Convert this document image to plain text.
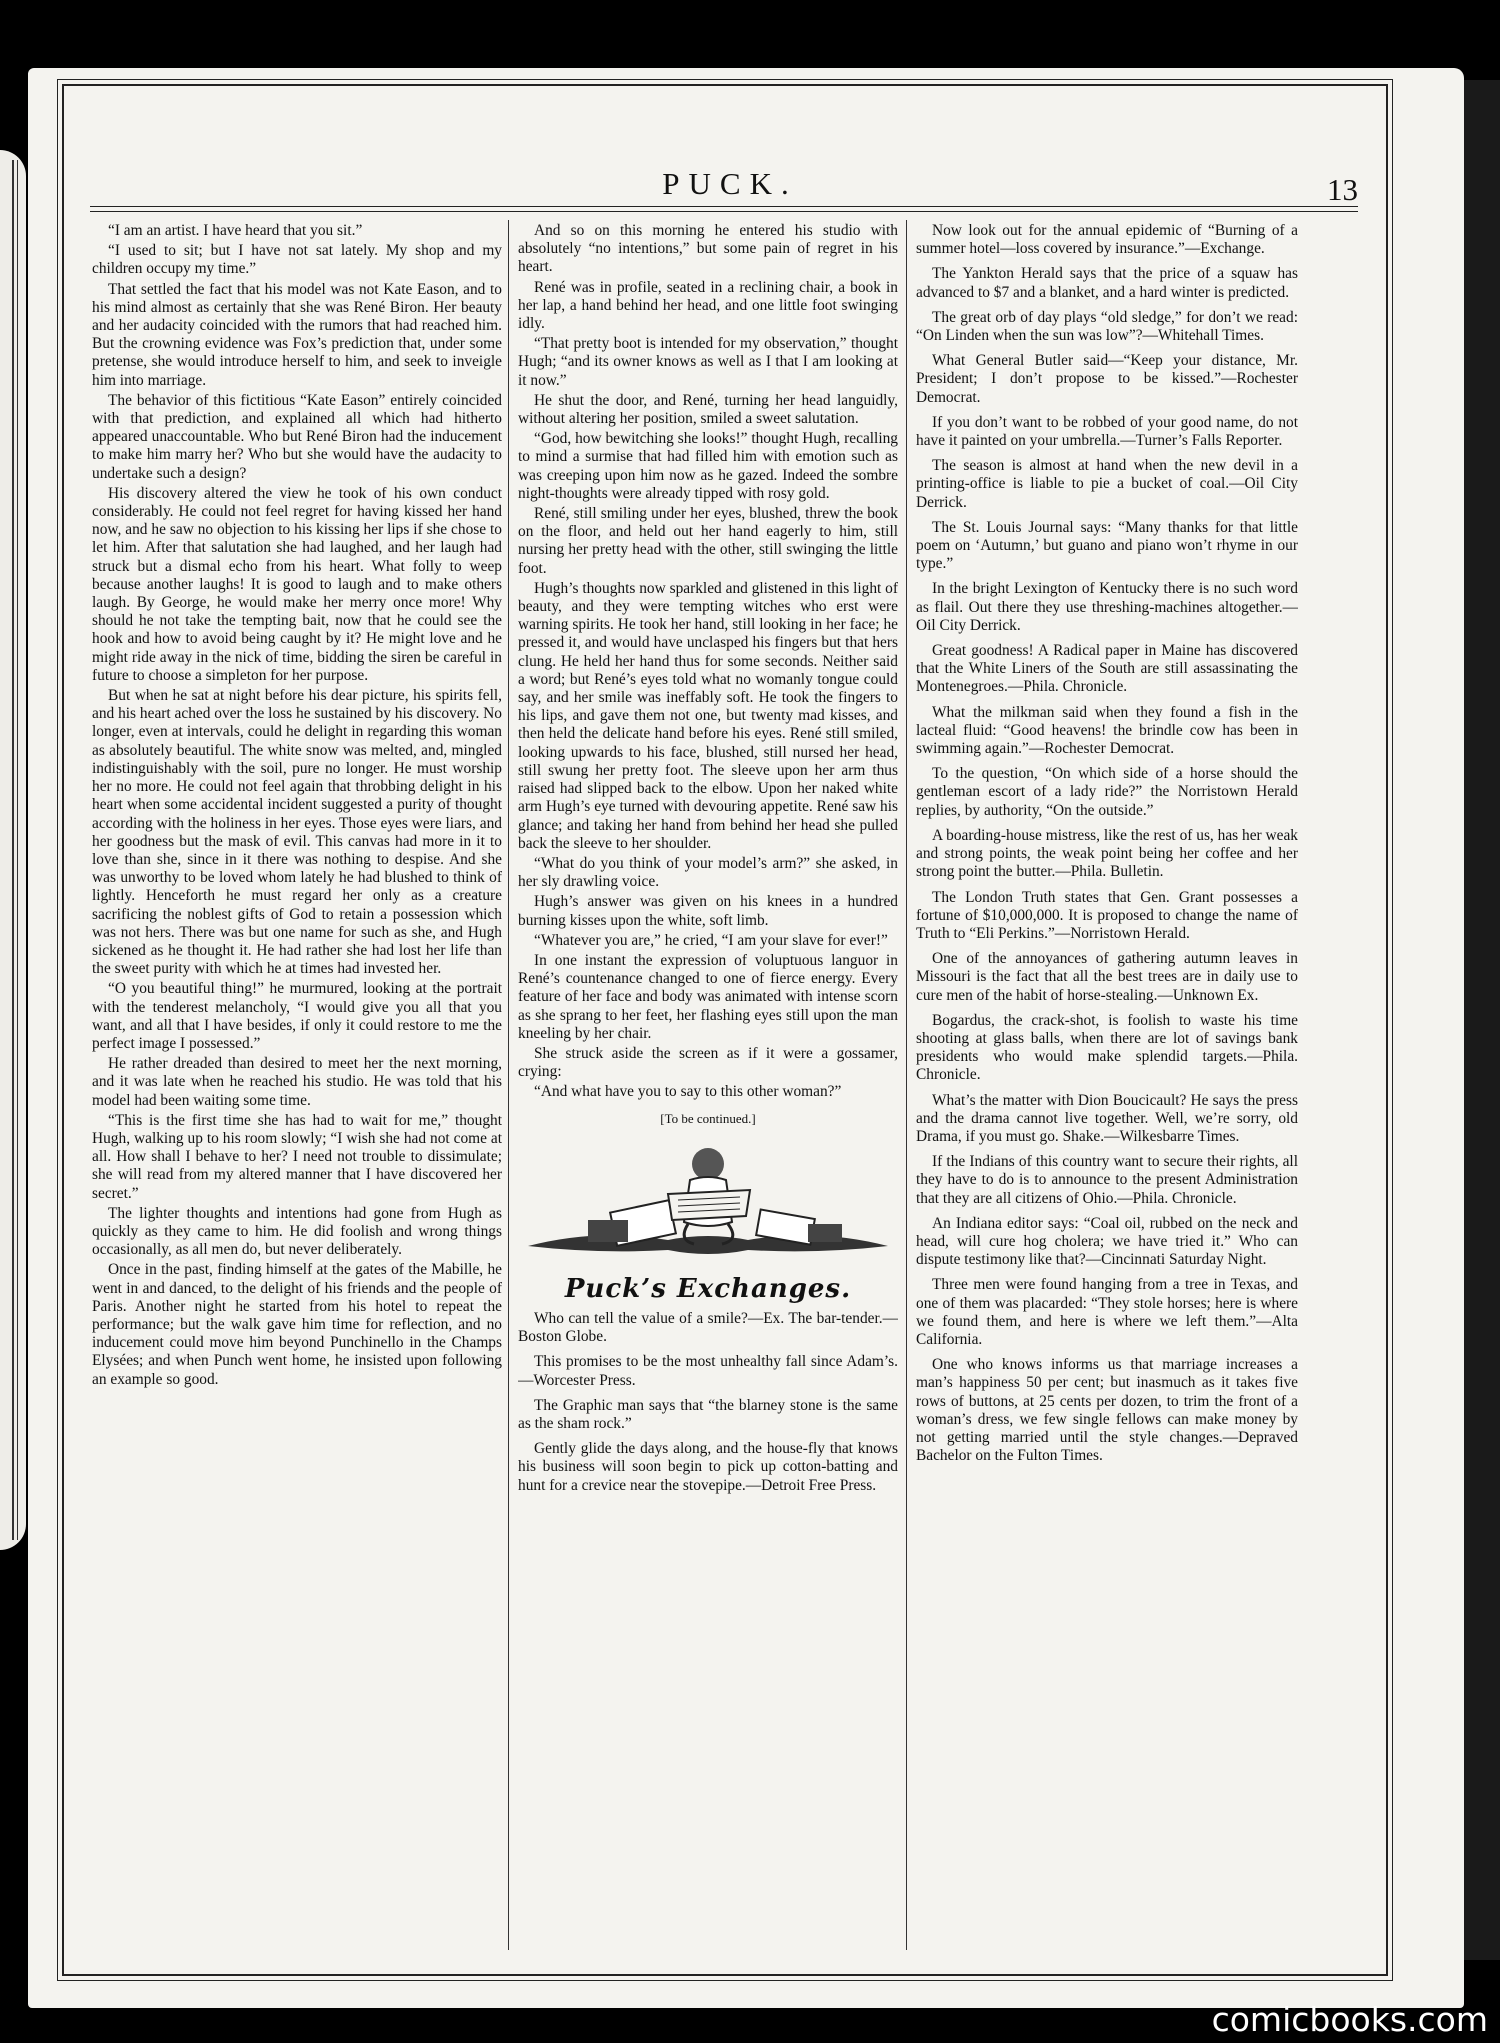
PUCK.	13

“I am an artist. I have heard that you sit.”

“I used to sit; but I have not sat lately. My shop and my children occupy my time.”

That settled the fact that his model was not Kate Eason, and to his mind almost as certainly that she was René Biron. Her beauty and her audacity coincided with the rumors that had reached him. But the crowning evidence was Fox’s prediction that, under some pretense, she would introduce herself to him, and seek to inveigle him into marriage.

The behavior of this fictitious “Kate Eason” entirely coincided with that prediction, and explained all which had hitherto appeared unaccountable. Who but René Biron had the inducement to make him marry her? Who but she would have the audacity to undertake such a design?

His discovery altered the view he took of his own conduct considerably. He could not feel regret for having kissed her hand now, and he saw no objection to his kissing her lips if she chose to let him. After that salutation she had laughed, and her laugh had struck but a dismal echo from his heart. What folly to weep because another laughs! It is good to laugh and to make others laugh. By George, he would make her merry once more! Why should he not take the tempting bait, now that he could see the hook and how to avoid being caught by it? He might love and he might ride away in the nick of time, bidding the siren be careful in future to choose a simpleton for her purpose.

But when he sat at night before his dear picture, his spirits fell, and his heart ached over the loss he sustained by his discovery. No longer, even at intervals, could he delight in regarding this woman as absolutely beautiful. The white snow was melted, and, mingled indistinguishably with the soil, pure no longer. He must worship her no more. He could not feel again that throbbing delight in his heart when some accidental incident suggested a purity of thought according with the holiness in her eyes. Those eyes were liars, and her goodness but the mask of evil. This canvas had more in it to love than she, since in it there was nothing to despise. And she was unworthy to be loved whom lately he had blushed to think of lightly. Henceforth he must regard her only as a creature sacrificing the noblest gifts of God to retain a possession which was not hers. There was but one name for such as she, and Hugh sickened as he thought it. He had rather she had lost her life than the sweet purity with which he at times had invested her.

“O you beautiful thing!” he murmured, looking at the portrait with the tenderest melancholy, “I would give you all that you want, and all that I have besides, if only it could restore to me the perfect image I possessed.”

He rather dreaded than desired to meet her the next morning, and it was late when he reached his studio. He was told that his model had been waiting some time.

“This is the first time she has had to wait for me,” thought Hugh, walking up to his room slowly; “I wish she had not come at all. How shall I behave to her? I need not trouble to dissimulate; she will read from my altered manner that I have discovered her secret.”

The lighter thoughts and intentions had gone from Hugh as quickly as they came to him. He did foolish and wrong things occasionally, as all men do, but never deliberately.

Once in the past, finding himself at the gates of the Mabille, he went in and danced, to the delight of his friends and the people of Paris. Another night he started from his hotel to repeat the performance; but the walk gave him time for reflection, and no inducement could move him beyond Punchinello in the Champs Elysées; and when Punch went home, he insisted upon following an example so good.

And so on this morning he entered his studio with absolutely “no intentions,” but some pain of regret in his heart.

René was in profile, seated in a reclining chair, a book in her lap, a hand behind her head, and one little foot swinging idly.

“That pretty boot is intended for my observation,” thought Hugh; “and its owner knows as well as I that I am looking at it now.”

He shut the door, and René, turning her head languidly, without altering her position, smiled a sweet salutation.

“God, how bewitching she looks!” thought Hugh, recalling to mind a surmise that had filled him with emotion such as was creeping upon him now as he gazed. Indeed the sombre night-thoughts were already tipped with rosy gold.

René, still smiling under her eyes, blushed, threw the book on the floor, and held out her hand eagerly to him, still nursing her pretty head with the other, still swinging the little foot.

Hugh’s thoughts now sparkled and glistened in this light of beauty, and they were tempting witches who erst were warning spirits. He took her hand, still looking in her face; he pressed it, and would have unclasped his fingers but that hers clung. He held her hand thus for some seconds. Neither said a word; but René’s eyes told what no womanly tongue could say, and her smile was ineffably soft. He took the fingers to his lips, and gave them not one, but twenty mad kisses, and then held the delicate hand before his eyes. René still smiled, looking upwards to his face, blushed, still nursed her head, still swung her pretty foot. The sleeve upon her arm thus raised had slipped back to the elbow. Upon her naked white arm Hugh’s eye turned with devouring appetite. René saw his glance; and taking her hand from behind her head she pulled back the sleeve to her shoulder.

“What do you think of your model’s arm?” she asked, in her sly drawling voice.

Hugh’s answer was given on his knees in a hundred burning kisses upon the white, soft limb.

“Whatever you are,” he cried, “I am your slave for ever!”

In one instant the expression of voluptuous languor in René’s countenance changed to one of fierce energy. Every feature of her face and body was animated with intense scorn as she sprang to her feet, her flashing eyes still upon the man kneeling by her chair.

She struck aside the screen as if it were a gossamer, crying:

“And what have you to say to this other woman?”

[To be continued.]

Puck’s Exchanges.

Who can tell the value of a smile?—Ex. The bar-tender.—Boston Globe.

This promises to be the most unhealthy fall since Adam’s.—Worcester Press.

The Graphic man says that “the blarney stone is the same as the sham rock.”

Gently glide the days along, and the house-fly that knows his business will soon begin to pick up cotton-batting and hunt for a crevice near the stovepipe.—Detroit Free Press.

Now look out for the annual epidemic of “Burning of a summer hotel—loss covered by insurance.”—Exchange.

The Yankton Herald says that the price of a squaw has advanced to $7 and a blanket, and a hard winter is predicted.

The great orb of day plays “old sledge,” for don’t we read: “On Linden when the sun was low”?—Whitehall Times.

What General Butler said—“Keep your distance, Mr. President; I don’t propose to be kissed.”—Rochester Democrat.

If you don’t want to be robbed of your good name, do not have it painted on your umbrella.—Turner’s Falls Reporter.

The season is almost at hand when the new devil in a printing-office is liable to pie a bucket of coal.—Oil City Derrick.

The St. Louis Journal says: “Many thanks for that little poem on ‘Autumn,’ but guano and piano won’t rhyme in our type.”

In the bright Lexington of Kentucky there is no such word as flail. Out there they use threshing-machines altogether.—Oil City Derrick.

Great goodness! A Radical paper in Maine has discovered that the White Liners of the South are still assassinating the Montenegroes.—Phila. Chronicle.

What the milkman said when they found a fish in the lacteal fluid: “Good heavens! the brindle cow has been in swimming again.”—Rochester Democrat.

To the question, “On which side of a horse should the gentleman escort of a lady ride?” the Norristown Herald replies, by authority, “On the outside.”

A boarding-house mistress, like the rest of us, has her weak and strong points, the weak point being her coffee and her strong point the butter.—Phila. Bulletin.

The London Truth states that Gen. Grant possesses a fortune of $10,000,000. It is proposed to change the name of Truth to “Eli Perkins.”—Norristown Herald.

One of the annoyances of gathering autumn leaves in Missouri is the fact that all the best trees are in daily use to cure men of the habit of horse-stealing.—Unknown Ex.

Bogardus, the crack-shot, is foolish to waste his time shooting at glass balls, when there are lot of savings bank presidents who would make splendid targets.—Phila. Chronicle.

What’s the matter with Dion Boucicault? He says the press and the drama cannot live together. Well, we’re sorry, old Drama, if you must go. Shake.—Wilkesbarre Times.

If the Indians of this country want to secure their rights, all they have to do is to announce to the present Administration that they are all citizens of Ohio.—Phila. Chronicle.

An Indiana editor says: “Coal oil, rubbed on the neck and head, will cure hog cholera; we have tried it.” Who can dispute testimony like that?—Cincinnati Saturday Night.

Three men were found hanging from a tree in Texas, and one of them was placarded: “They stole horses; here is where we found them, and here is where we left them.”—Alta California.

One who knows informs us that marriage increases a man’s happiness 50 per cent; but inasmuch as it takes five rows of buttons, at 25 cents per dozen, to trim the front of a woman’s dress, we few single fellows can make money by not getting married until the style changes.—Depraved Bachelor on the Fulton Times.

comicbooks.com
